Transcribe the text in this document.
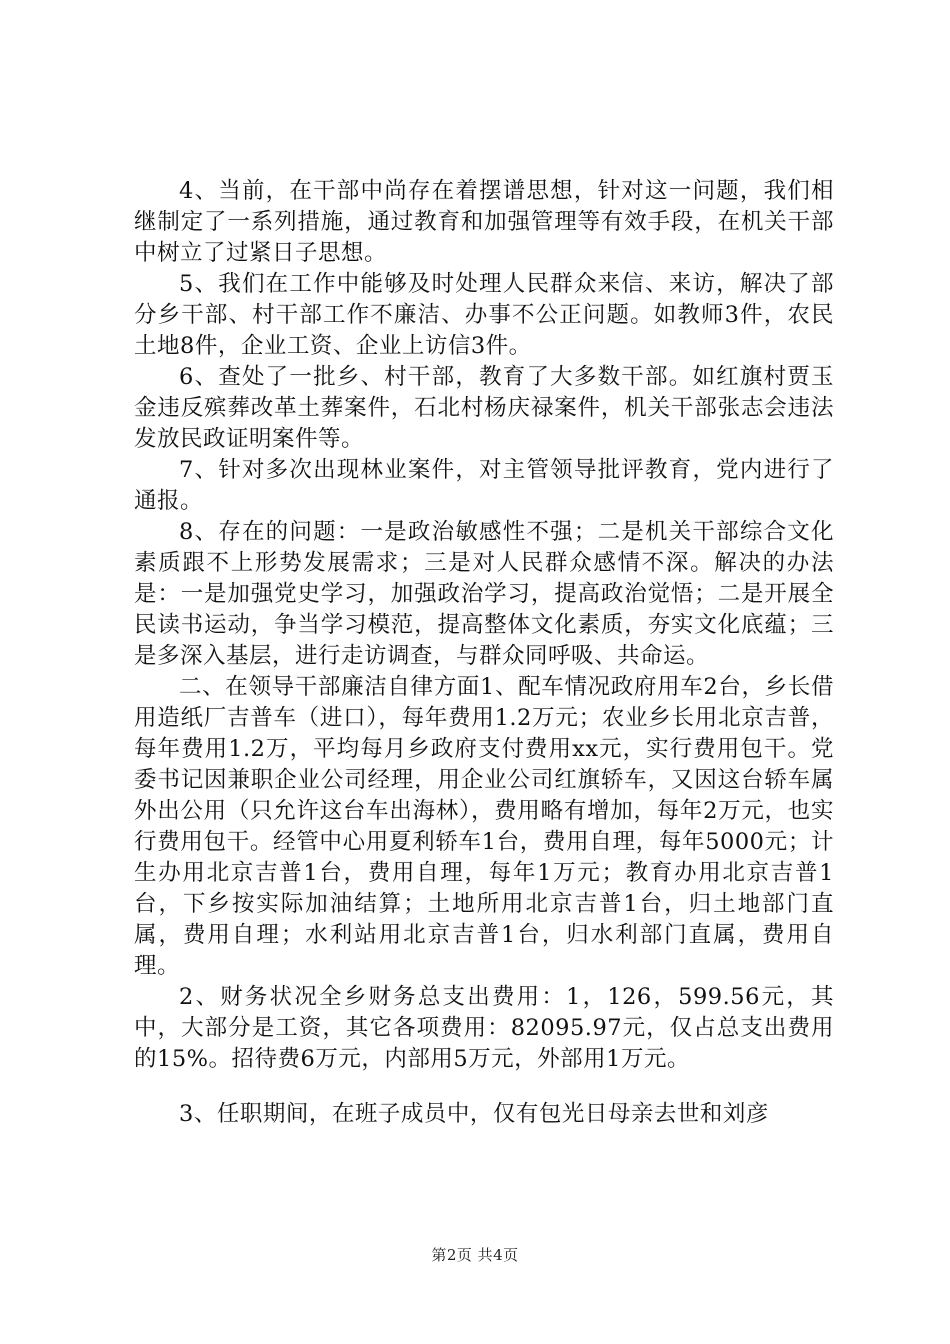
4、当前，在干部中尚存在着摆谱思想，针对这一问题，我们相继制定了一系列措施，通过教育和加强管理等有效手段，在机关干部中树立了过紧日子思想。

5、我们在工作中能够及时处理人民群众来信、来访，解决了部分乡干部、村干部工作不廉洁、办事不公正问题。如教师3件，农民土地8件，企业工资、企业上访信3件。

6、查处了一批乡、村干部，教育了大多数干部。如红旗村贾玉金违反殡葬改革土葬案件，石北村杨庆禄案件，机关干部张志会违法发放民政证明案件等。

7、针对多次出现林业案件，对主管领导批评教育，党内进行了通报。

8、存在的问题：一是政治敏感性不强；二是机关干部综合文化素质跟不上形势发展需求；三是对人民群众感情不深。解决的办法是：一是加强党史学习，加强政治学习，提高政治觉悟；二是开展全民读书运动，争当学习模范，提高整体文化素质，夯实文化底蕴；三是多深入基层，进行走访调查，与群众同呼吸、共命运。

二、在领导干部廉洁自律方面1、配车情况政府用车2台，乡长借用造纸厂吉普车（进口），每年费用1.2万元；农业乡长用北京吉普，每年费用1.2万，平均每月乡政府支付费用xx元，实行费用包干。党委书记因兼职企业公司经理，用企业公司红旗轿车，又因这台轿车属外出公用（只允许这台车出海林），费用略有增加，每年2万元，也实行费用包干。经管中心用夏利轿车1台，费用自理，每年5000元；计生办用北京吉普1台，费用自理，每年1万元；教育办用北京吉普1台，下乡按实际加油结算；土地所用北京吉普1台，归土地部门直属，费用自理；水利站用北京吉普1台，归水利部门直属，费用自理。

2、财务状况全乡财务总支出费用：1，126，599.56元，其中，大部分是工资，其它各项费用：82095.97元，仅占总支出费用的15%。招待费6万元，内部用5万元，外部用1万元。

3、任职期间，在班子成员中，仅有包光日母亲去世和刘彦

第2页 共4页
